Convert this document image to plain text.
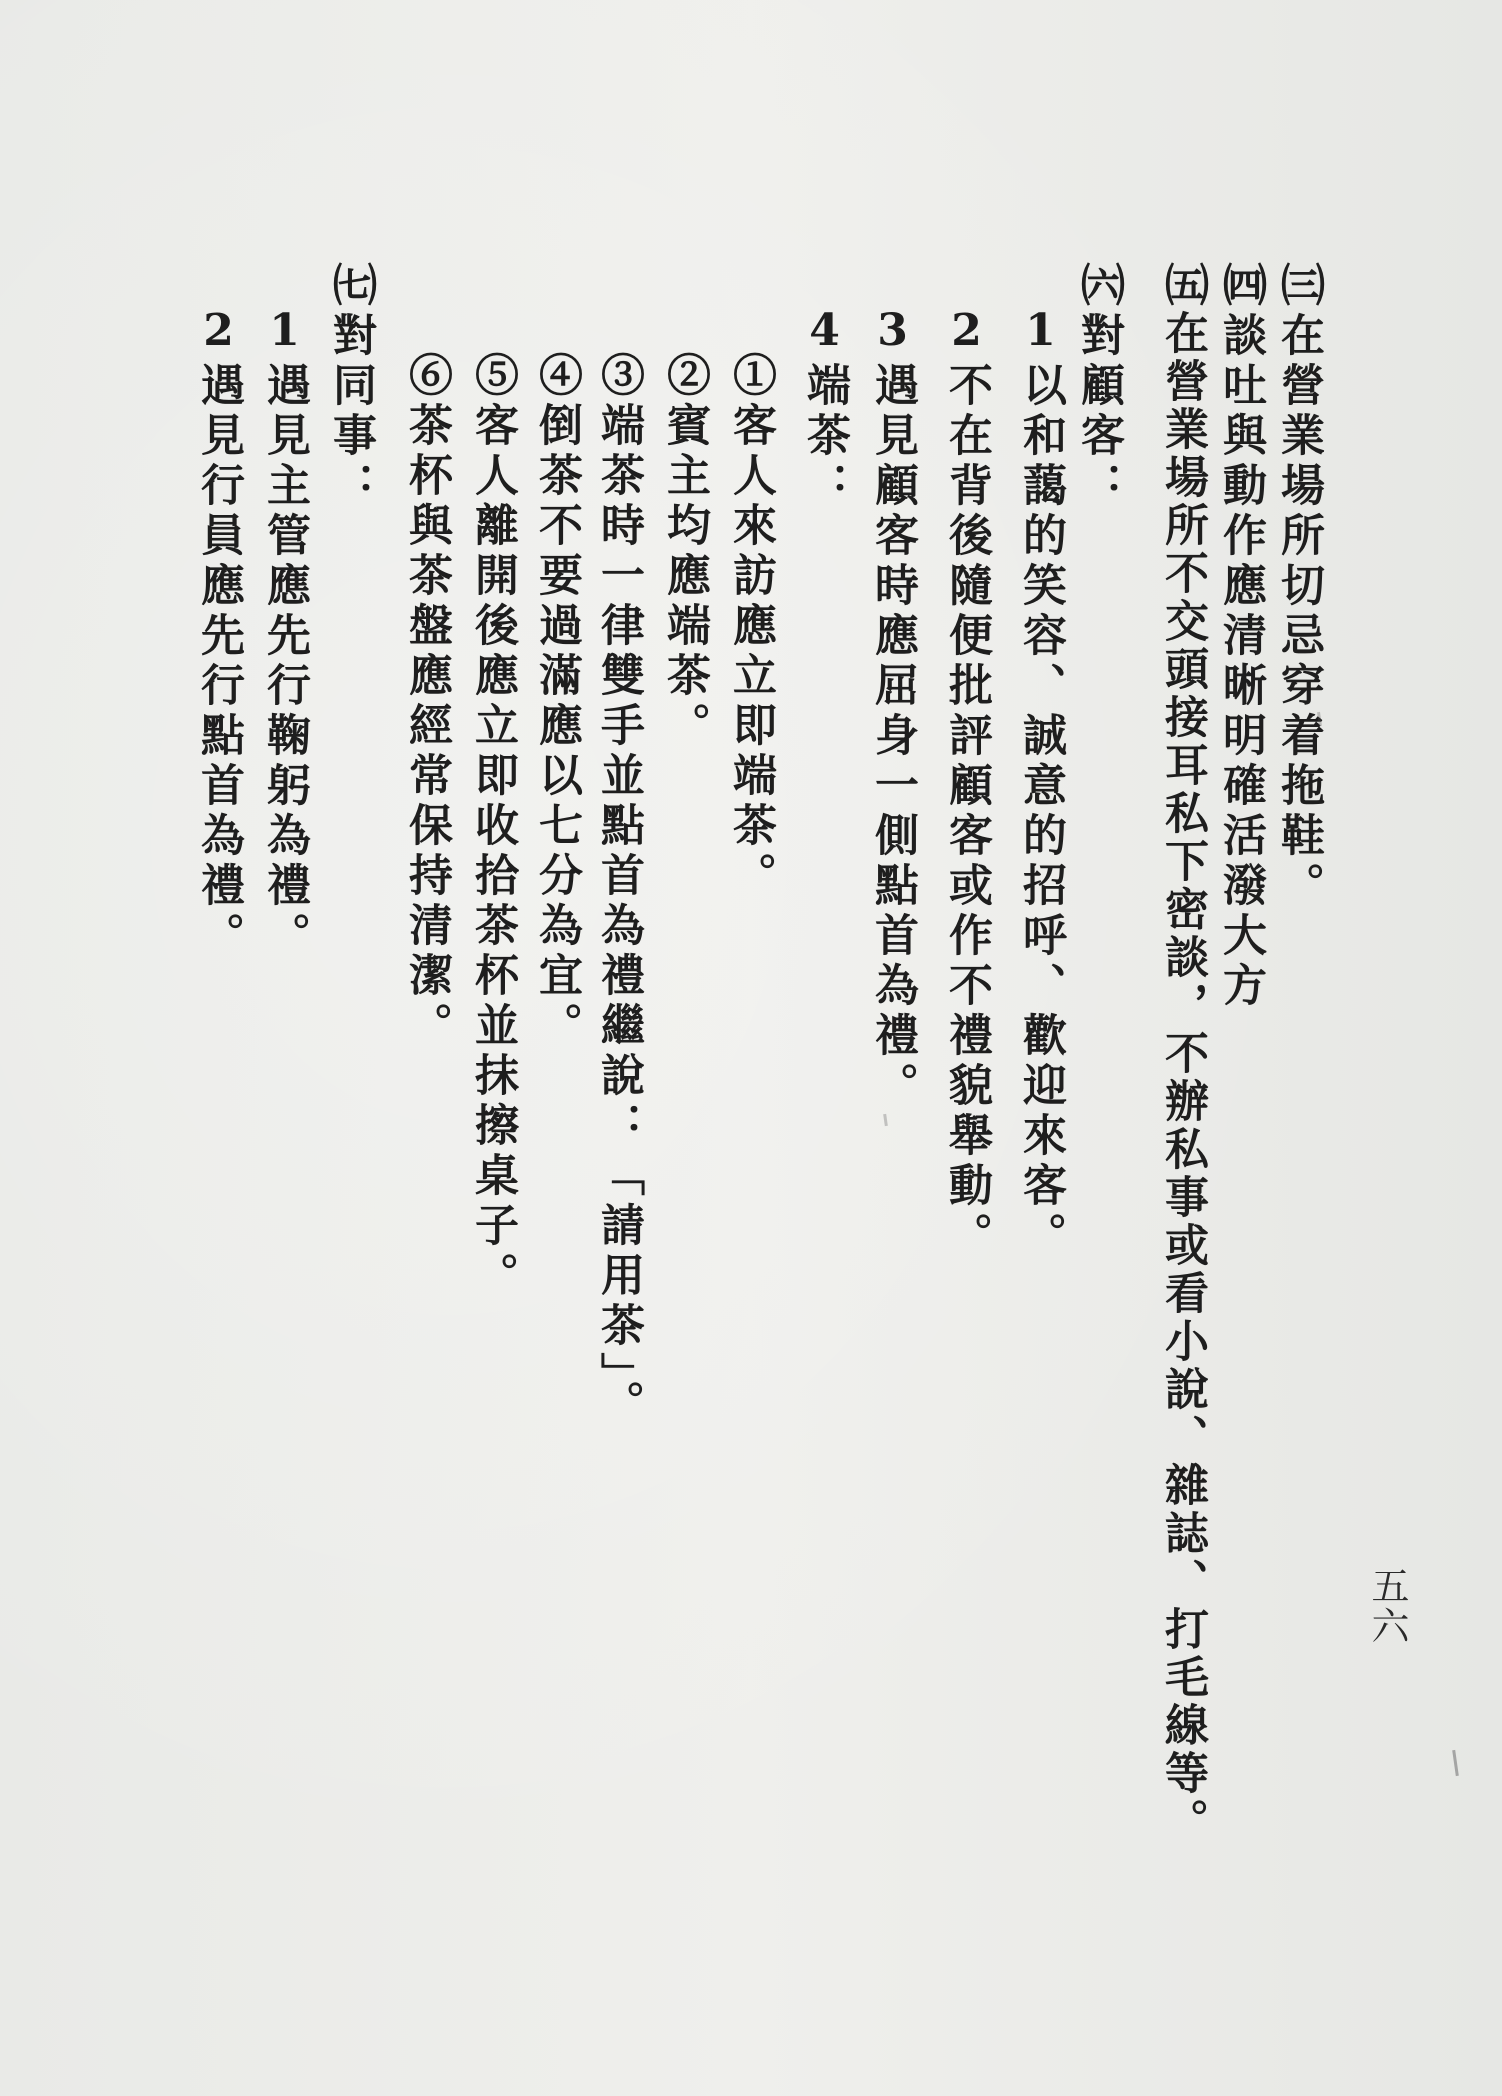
㈢在營業場所切忌穿着拖鞋。
㈣談吐與動作應清晰明確活潑大方
㈤在營業場所不交頭接耳私下密談，不辦私事或看小說、雜誌、打毛線等。
㈥對顧客：
1以和藹的笑容、誠意的招呼、歡迎來客。
2不在背後隨便批評顧客或作不禮貌舉動。
3遇見顧客時應屈身一側點首為禮。
4端茶：
①客人來訪應立即端茶。
②賓主均應端茶。
③端茶時一律雙手並點首為禮繼說：「請用茶」。
④倒茶不要過滿應以七分為宜。
⑤客人離開後應立即收拾茶杯並抹擦桌子。
⑥茶杯與茶盤應經常保持清潔。
㈦對同事：
1遇見主管應先行鞠躬為禮。
2遇見行員應先行點首為禮。
五六
